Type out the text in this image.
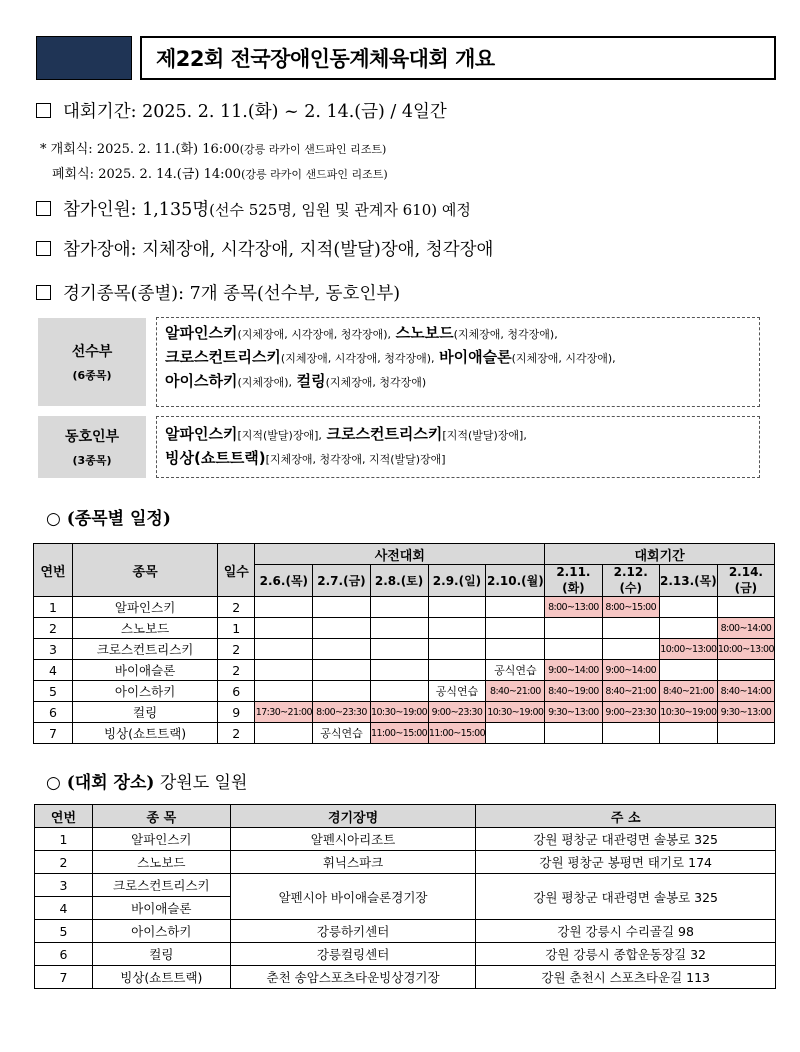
제22회 전국장애인동계체육대회 개요
대회기간: 2025. 2. 11.(화) ~ 2. 14.(금) / 4일간
* 개회식: 2025. 2. 11.(화) 16:00(강릉 라카이 샌드파인 리조트)
폐회식: 2025. 2. 14.(금) 14:00(강릉 라카이 샌드파인 리조트)
참가인원: 1,135명(선수 525명, 임원 및 관계자 610) 예정
참가장애: 지체장애, 시각장애, 지적(발달)장애, 청각장애
경기종목(종별): 7개 종목(선수부, 동호인부)
선수부
(6종목)
알파인스키(지체장애, 시각장애, 청각장애), 스노보드(지체장애, 청각장애),
크로스컨트리스키(지체장애, 시각장애, 청각장애), 바이애슬론(지체장애, 시각장애),
아이스하키(지체장애), 컬링(지체장애, 청각장애)
동호인부
(3종목)
알파인스키[지적(발달)장애], 크로스컨트리스키[지적(발달)장애],
빙상(쇼트트랙)[지체장애, 청각장애, 지적(발달)장애]
○ (종목별 일정)
연번	종목	일수	사전대회					대회기간			
			2.6.(목)	2.7.(금)	2.8.(토)	2.9.(일)	2.10.(월)	2.11.(화)	2.12.(수)	2.13.(목)	2.14.(금)
1	알파인스키	2						8:00~13:00	8:00~15:00		
2	스노보드	1									8:00~14:00
3	크로스컨트리스키	2								10:00~13:00	10:00~13:00
4	바이애슬론	2					공식연습	9:00~14:00	9:00~14:00		
5	아이스하키	6				공식연습	8:40~21:00	8:40~19:00	8:40~21:00	8:40~21:00	8:40~14:00
6	컬링	9	17:30~21:00	8:00~23:30	10:30~19:00	9:00~23:30	10:30~19:00	9:30~13:00	9:00~23:30	10:30~19:00	9:30~13:00
7	빙상(쇼트트랙)	2		공식연습	11:00~15:00	11:00~15:00					
○ (대회 장소) 강원도 일원
연번	종 목	경기장명	주 소
1	알파인스키	알펜시아리조트	강원 평창군 대관령면 솔봉로 325
2	스노보드	휘닉스파크	강원 평창군 봉평면 태기로 174
3	크로스컨트리스키	알펜시아 바이애슬론경기장	강원 평창군 대관령면 솔봉로 325
4	바이애슬론		
5	아이스하키	강릉하키센터	강원 강릉시 수리골길 98
6	컬링	강릉컬링센터	강원 강릉시 종합운동장길 32
7	빙상(쇼트트랙)	춘천 송암스포츠타운빙상경기장	강원 춘천시 스포츠타운길 113
